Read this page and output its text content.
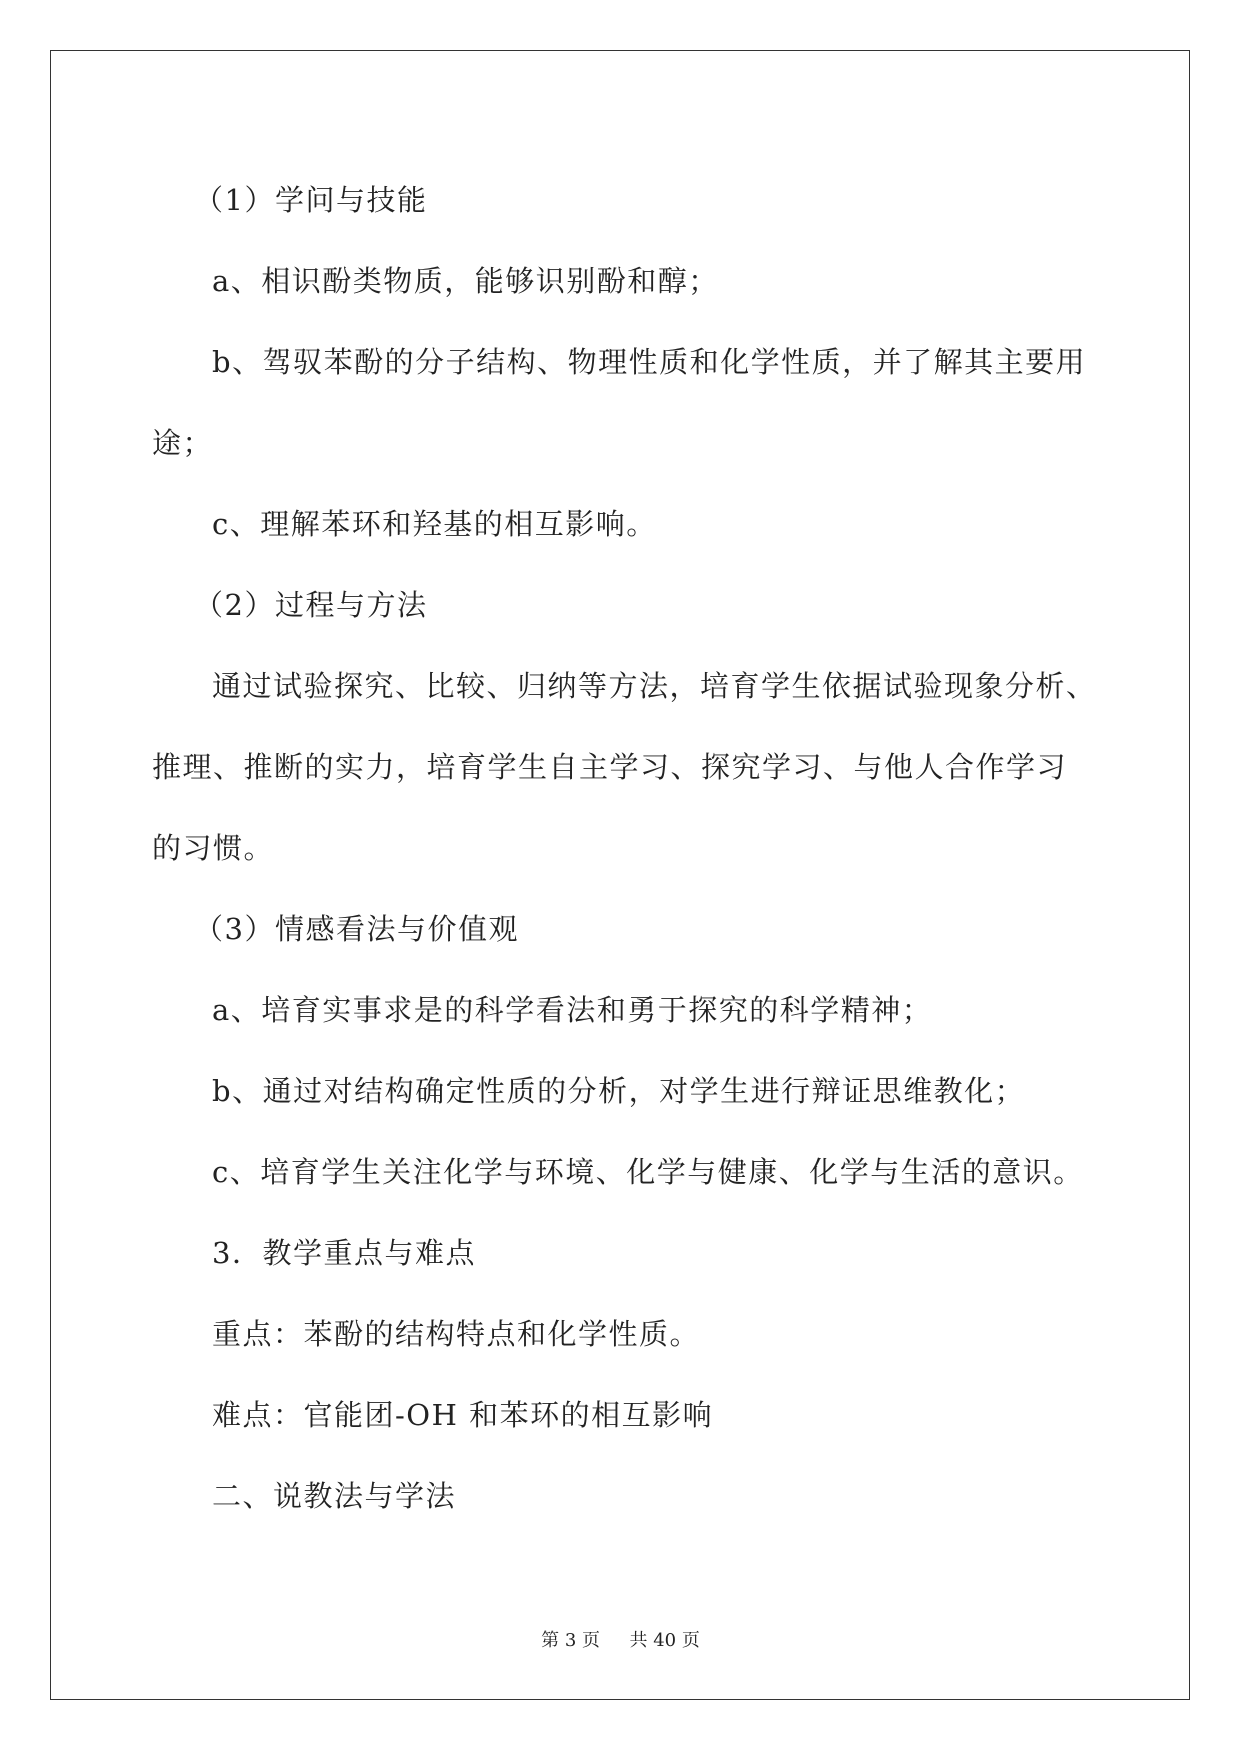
（1）学问与技能
a、相识酚类物质，能够识别酚和醇；
b、驾驭苯酚的分子结构、物理性质和化学性质，并了解其主要用
途；
c、理解苯环和羟基的相互影响。
（2）过程与方法
通过试验探究、比较、归纳等方法，培育学生依据试验现象分析、
推理、推断的实力，培育学生自主学习、探究学习、与他人合作学习
的习惯。
（3）情感看法与价值观
a、培育实事求是的科学看法和勇于探究的科学精神；
b、通过对结构确定性质的分析，对学生进行辩证思维教化；
c、培育学生关注化学与环境、化学与健康、化学与生活的意识。
3．教学重点与难点
重点：苯酚的结构特点和化学性质。
难点：官能团-OH 和苯环的相互影响
二、说教法与学法
第 3 页 共 40 页
